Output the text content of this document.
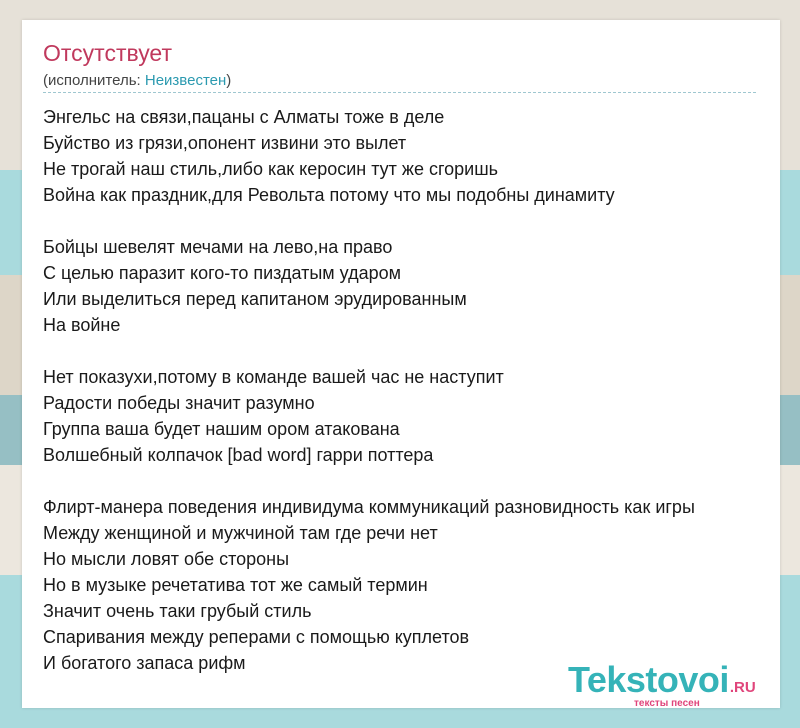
Отсутствует
(исполнитель: Неизвестен)
Энгельс на связи,пацаны с Алматы тоже в деле
Буйство из грязи,опонент извини это вылет
Не трогай наш стиль,либо как керосин тут же сгоришь
Война как праздник,для Револьта потому что мы подобны динамиту
Бойцы шевелят мечами на лево,на право
С целью паразит кого-то пиздатым ударом
Или выделиться перед капитаном эрудированным
На войне
Нет показухи,потому в команде вашей час не наступит
Радости победы значит разумно
Группа ваша будет нашим ором атакована
Волшебный колпачок [bad word] гарри поттера
Флирт-манера поведения индивидума коммуникаций разновидность как игры
Между женщиной и мужчиной там где речи нет
Но мысли ловят обе стороны
Но в музыке речетатива тот же самый термин
Значит очень таки грубый стиль
Спаривания между реперами с помощью куплетов
И богатого запаса рифм	Tekstovoi.RU
тексты песен
